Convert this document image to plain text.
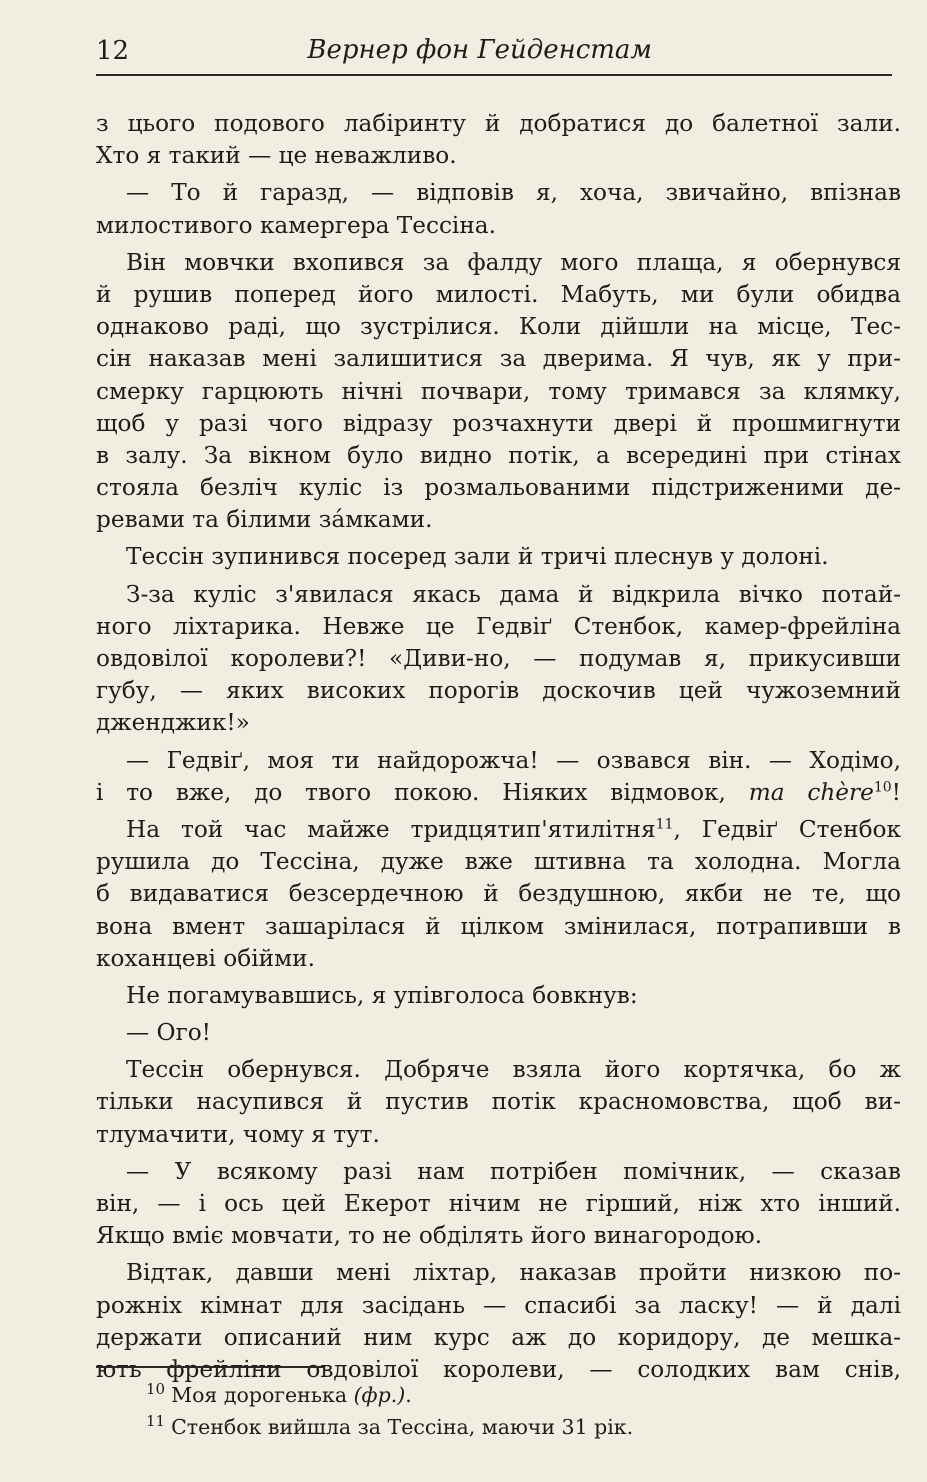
12	Вернер фон Гейденстам
з цього подового лабіринту й добратися до балетної зали.
Хто я такий — це неважливо.
— То й гаразд, — відповів я, хоча, звичайно, впізнав
милостивого камергера Тессіна.
Він мовчки вхопився за фалду мого плаща, я обернувся
й рушив поперед його милості. Мабуть, ми були обидва
однаково раді, що зустрілися. Коли дійшли на місце, Тес-
сін наказав мені залишитися за дверима. Я чув, як у при-
смерку гарцюють нічні почвари, тому тримався за клямку,
щоб у разі чого відразу розчахнути двері й прошмигнути
в залу. За вікном було видно потік, а всередині при стінах
стояла безліч куліс із розмальованими підстриженими де-
ревами та білими за́мками.
Тессін зупинився посеред зали й тричі плеснув у долоні.
З-за куліс з'явилася якась дама й відкрила вічко потай-
ного ліхтарика. Невже це Гедвіґ Стенбок, камер-фрейліна
овдовілої королеви?! «Диви-но, — подумав я, прикусивши
губу, — яких високих порогів доскочив цей чужоземний
дженджик!»
— Гедвіґ, моя ти найдорожча! — озвався він. — Ходімо,
і то вже, до твого покою. Ніяких відмовок, ma chère$^{10}$!
На той час майже тридцятип'ятилітня$^{11}$, Гедвіґ Стенбок
рушила до Тессіна, дуже вже штивна та холодна. Могла
б видаватися безсердечною й бездушною, якби не те, що
вона вмент зашарілася й цілком змінилася, потрапивши в
коханцеві обійми.
Не погамувавшись, я упівголоса бовкнув:
— Ого!
Тессін обернувся. Добряче взяла його кортячка, бо ж
тільки насупився й пустив потік красномовства, щоб ви-
тлумачити, чому я тут.
— У всякому разі нам потрібен помічник, — сказав
він, — і ось цей Екерот нічим не гірший, ніж хто інший.
Якщо вміє мовчати, то не обділять його винагородою.
Відтак, давши мені ліхтар, наказав пройти низкою по-
рожніх кімнат для засідань — спасибі за ласку! — й далі
держати описаний ним курс аж до коридору, де мешка-
ють фрейліни овдовілої королеви, — солодких вам снів,
$^{10}$ Моя дорогенька (фр.).
$^{11}$ Стенбок вийшла за Тессіна, маючи 31 рік.
